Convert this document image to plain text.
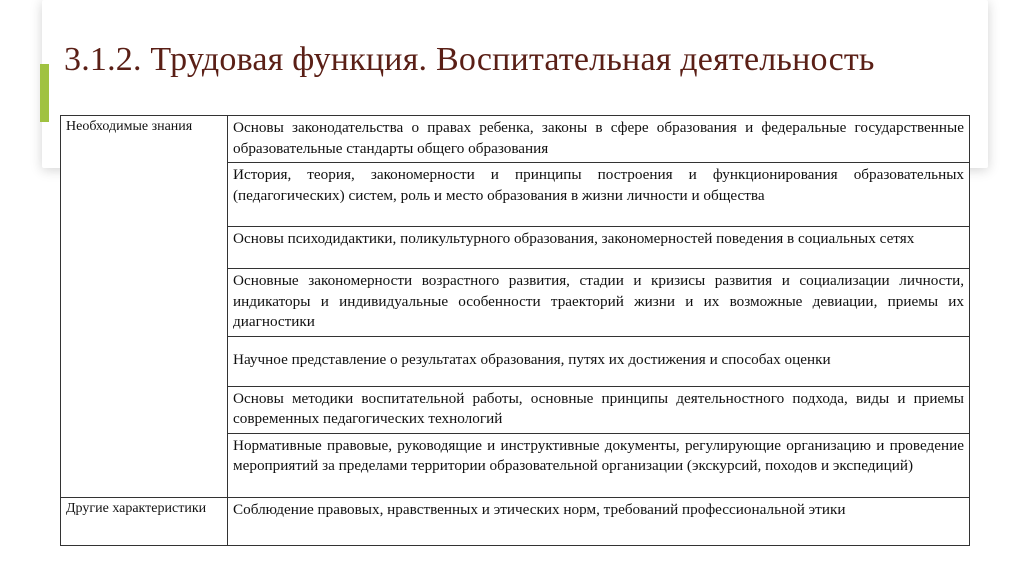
3.1.2. Трудовая функция. Воспитательная деятельность
Необходимые знания	Основы законодательства о правах ребенка, законы в сфере образования и федеральные государственные образовательные стандарты общего образования
	История, теория, закономерности и принципы построения и функционирования образовательных (педагогических) систем, роль и место образования в жизни личности и общества
	Основы психодидактики, поликультурного образования, закономерностей поведения в социальных сетях
	Основные закономерности возрастного развития, стадии и кризисы развития и социализации личности, индикаторы и индивидуальные особенности траекторий жизни и их возможные девиации, приемы их диагностики
	Научное представление о результатах образования, путях их достижения и способах оценки
	Основы методики воспитательной работы, основные принципы деятельностного подхода, виды и приемы современных педагогических технологий
	Нормативные правовые, руководящие и инструктивные документы, регулирующие организацию и проведение мероприятий за пределами территории образовательной организации (экскурсий, походов и экспедиций)
Другие характеристики	Соблюдение правовых, нравственных и этических норм, требований профессиональной этики
